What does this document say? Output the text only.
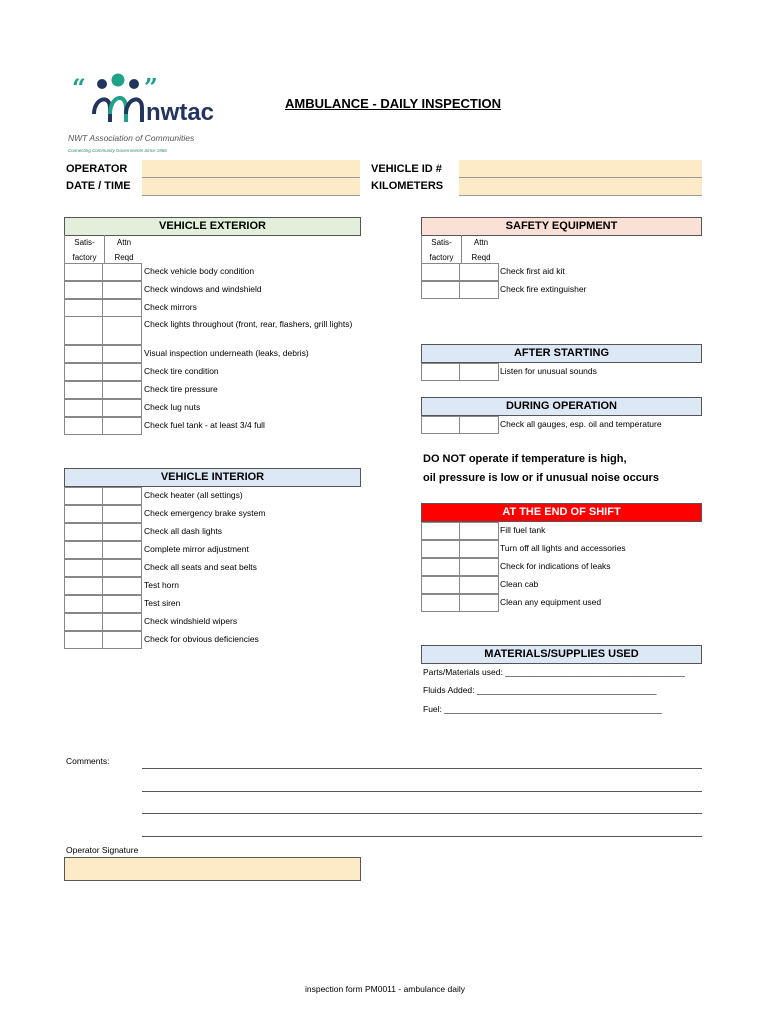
“ ”
nwtac
NWT Association of Communities
Connecting Community Governments Since 1966
AMBULANCE - DAILY INSPECTION
OPERATOR
DATE / TIME
VEHICLE ID #
KILOMETERS
VEHICLE EXTERIOR
Satis-
factory
Attn
Reqd
Check vehicle body condition
Check windows and windshield
Check mirrors
Check lights throughout (front, rear, flashers, grill lights)
Visual inspection underneath (leaks, debris)
Check tire condition
Check tire pressure
Check lug nuts
Check fuel tank - at least 3/4 full
VEHICLE INTERIOR
Check heater (all settings)
Check emergency brake system
Check all dash lights
Complete mirror adjustment
Check all seats and seat belts
Test horn
Test siren
Check windshield wipers
Check for obvious deficiencies
SAFETY EQUIPMENT
Satis-
factory
Attn
Reqd
Check first aid kit
Check fire extinguisher
AFTER STARTING
Listen for unusual sounds
DURING OPERATION
Check all gauges, esp. oil and temperature
DO NOT operate if temperature is high,
oil pressure is low or if unusual noise occurs
AT THE END OF SHIFT
Fill fuel tank
Turn off all lights and accessories
Check for indications of leaks
Clean cab
Clean any equipment used
MATERIALS/SUPPLIES USED
Parts/Materials used: ______________________________________
Fluids Added: ______________________________________
Fuel: ______________________________________________
Comments:
Operator Signature
inspection form PM0011 - ambulance daily
